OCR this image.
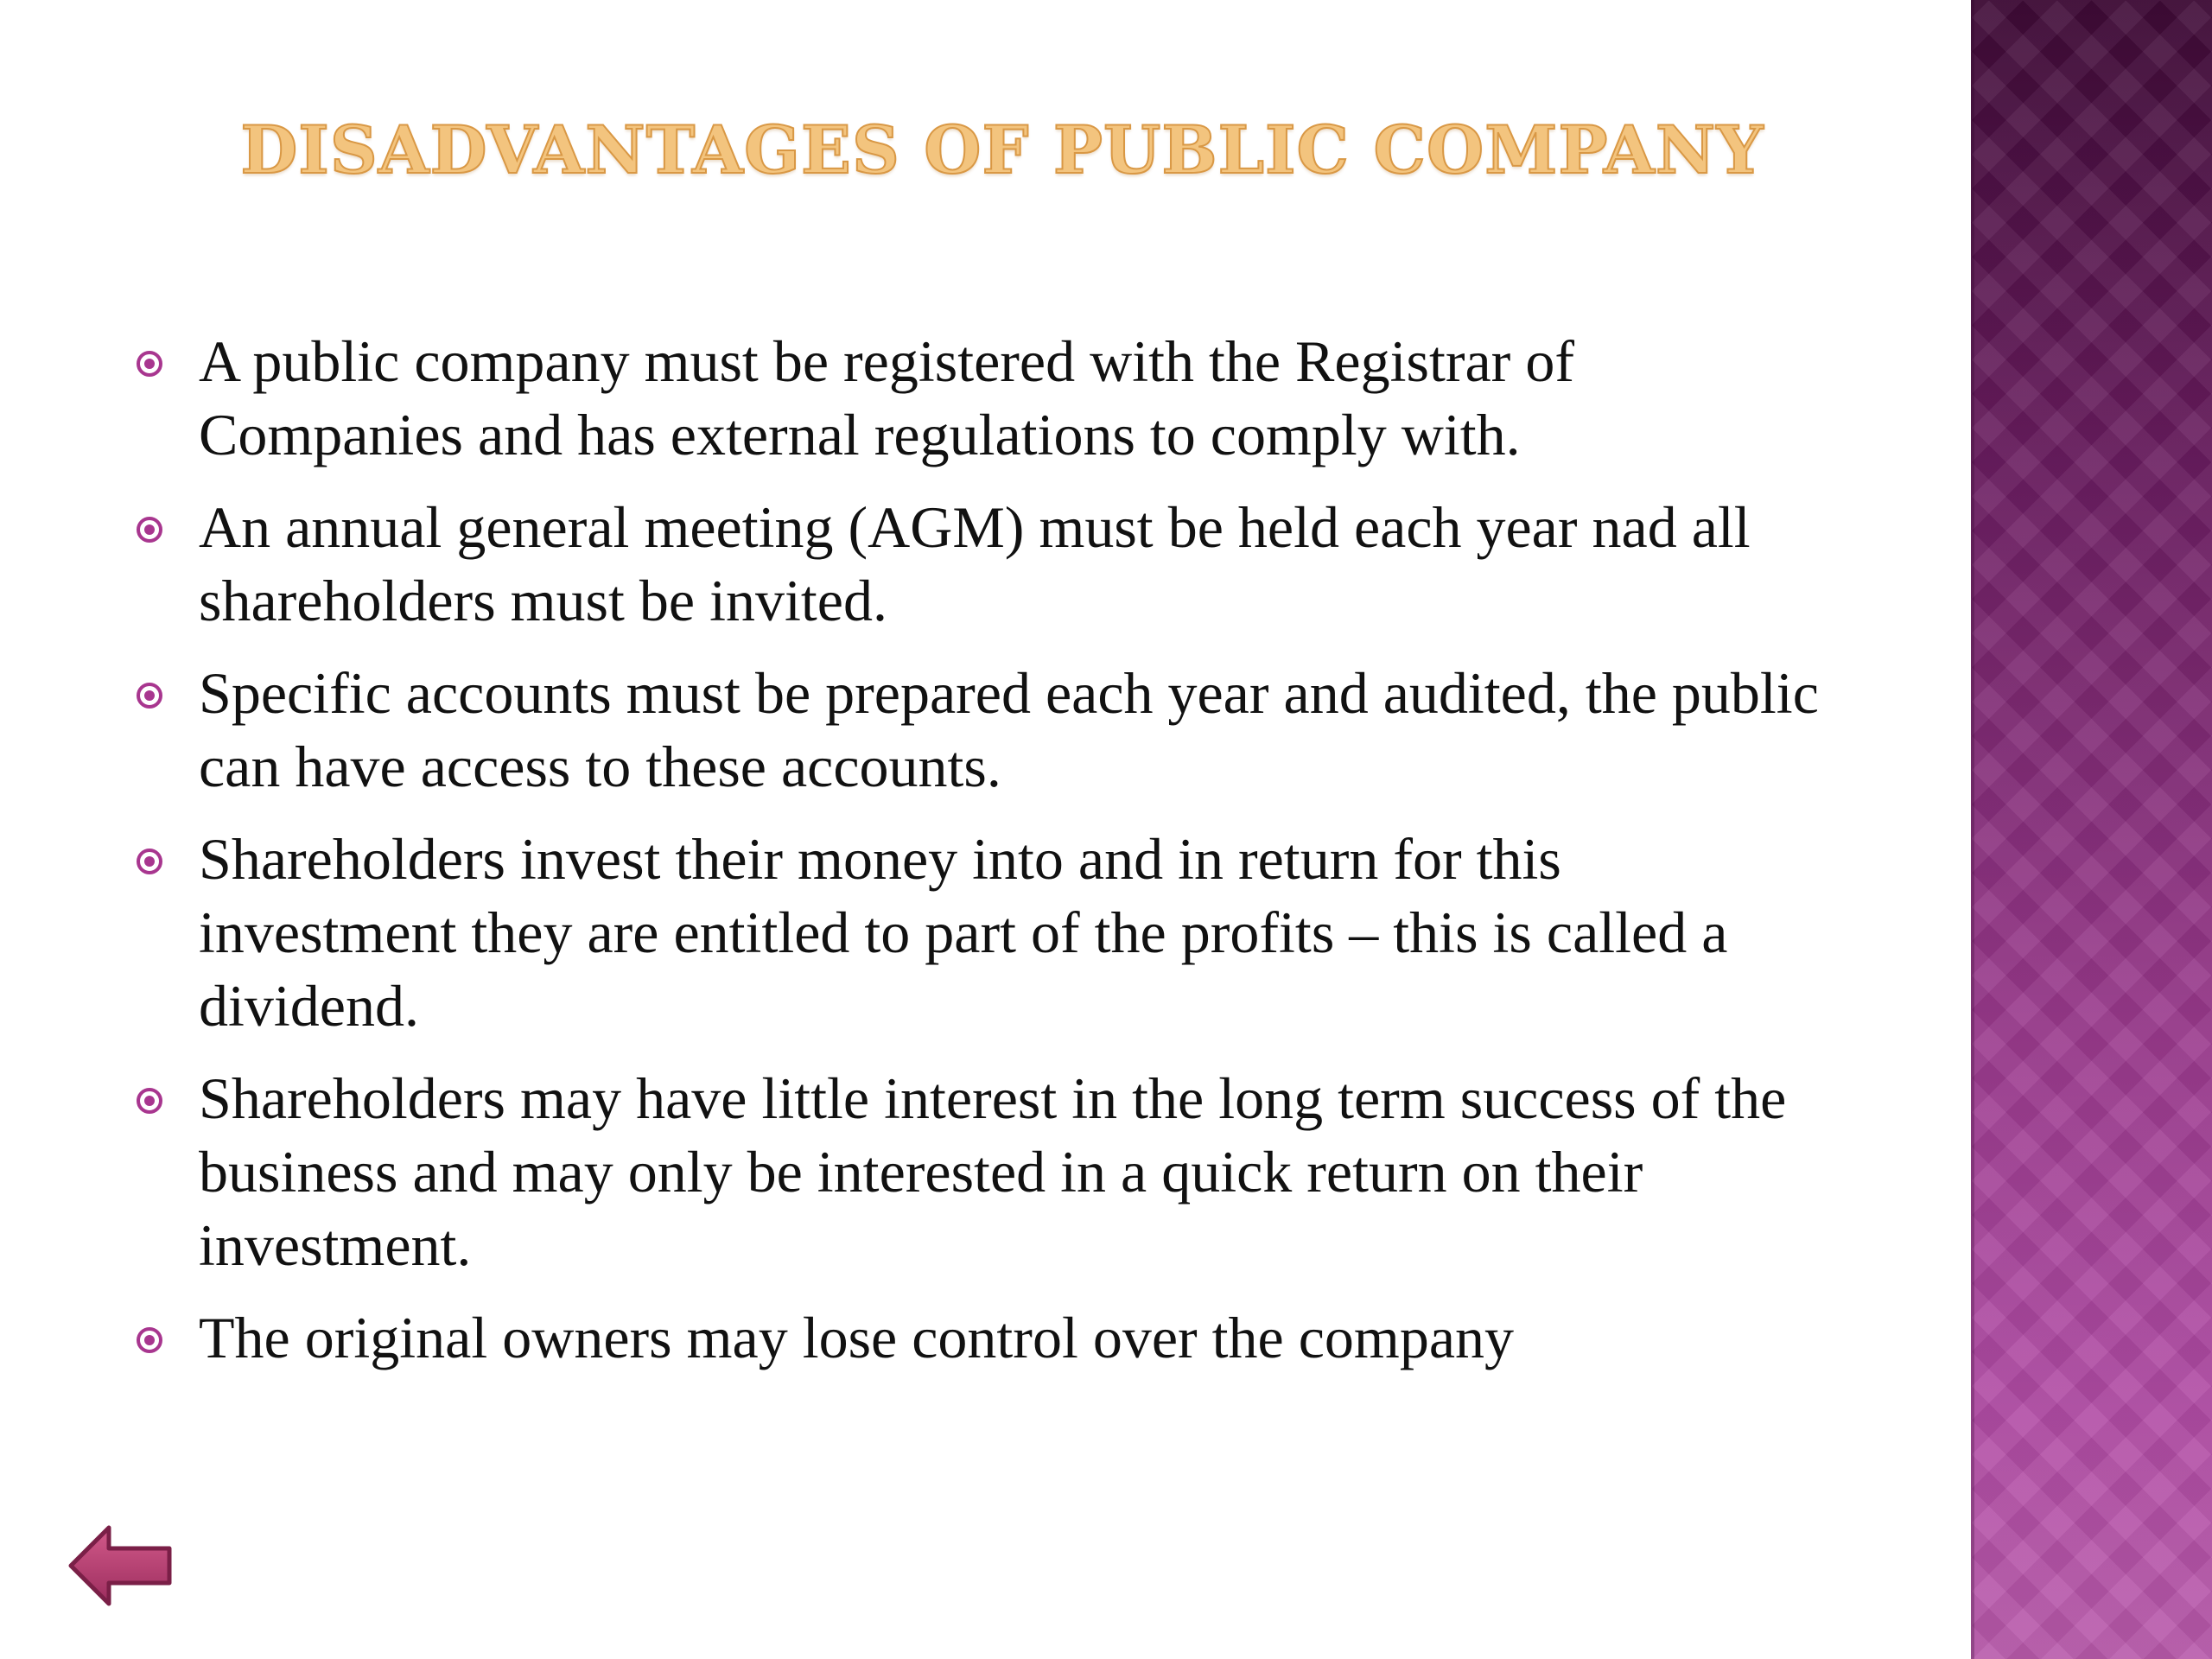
DISADVANTAGES OF PUBLIC COMPANY
A public company must be registered with the Registrar of Companies and has external regulations to comply with.
An annual general meeting (AGM) must be held each year nad all shareholders must be invited.
Specific accounts must be prepared each year and audited, the public can have access to these accounts.
Shareholders invest their money into and in return for this investment they are entitled to part of the profits – this is called a dividend.
Shareholders may have little interest in the long term success of the business and may only be interested in a quick return on their investment.
The original owners may lose control over the company
